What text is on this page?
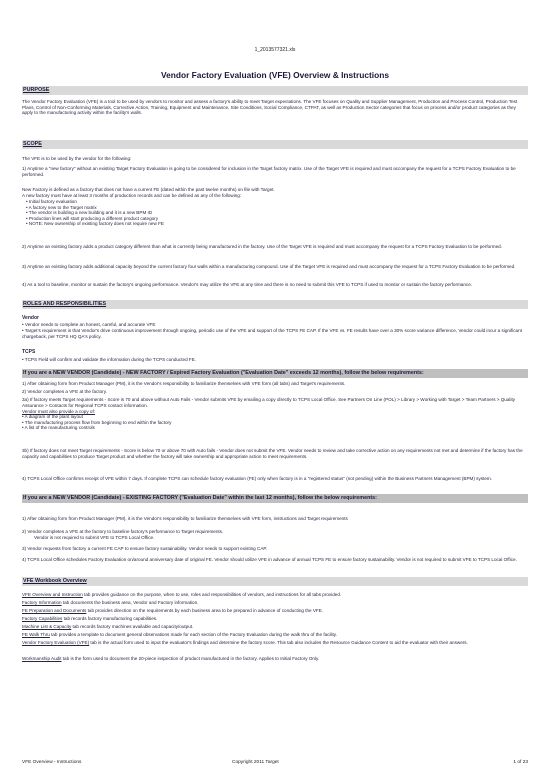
1_2013577321.xls
Vendor Factory Evaluation (VFE) Overview & Instructions
PURPOSE
The Vendor Factory Evaluation (VFE) is a tool to be used by vendors to monitor and assess a factory's ability to meet Target expectations. The VFE focuses on Quality and Supplier Management, Production and Process Control, Production Test Plans, Control of Non-Conforming Materials, Corrective Action, Training, Equipment and Maintenance, Site Conditions, Social Compliance, CTPAT, as well as Production Sector categories that focus on process and/or product categories as they apply to the manufacturing activity within the facility's walls.
SCOPE
The VFE is to be used by the vendor for the following:
1) Anytime a "new factory" without an existing Target Factory Evaluation is going to be considered for inclusion in the Target factory matrix. Use of the Target VFE is required and must accompany the request for a TCPS Factory Evaluation to be performed.
New Factory is defined as a factory that does not have a current FE (dated within the past twelve months) on file with Target.
A new factory must have at least 3 months of production records and can be defined as any of the following:
• Initial factory evaluation
• A factory new to the Target matrix
• The vendor is building a new building and it is a new BPM ID
• Production lines will start producing a different product category
• NOTE: New ownership of existing factory does not require new FE
2) Anytime an existing factory adds a product category different than what is currently being manufactured in the factory. Use of the Target VFE is required and must accompany the request for a TCPS Factory Evaluation to be performed.
3) Anytime an existing factory adds additional capacity beyond the current factory four walls within a manufacturing compound. Use of the Target VFE is required and must accompany the request for a TCPS Factory Evaluation to be performed.
4) As a tool to baseline, monitor or sustain the factory's ongoing performance. Vendor's may utilize the VFE at any time and there is no need to submit this VFE to TCPS if used to monitor or sustain the factory performance.
ROLES AND RESPONSIBILITIES
Vendor
• Vendor needs to complete an honest, careful, and accurate VFE
• Target's requirement is that Vendor's drive continuous improvement through ongoing, periodic use of the VFE and support of the TCPS FE CAP. If the VFE vs. FE results have over a 30% score variance difference, Vendor could incur a significant chargeback, per TCPS HQ QA's policy.
TCPS
• TCPS Field will confirm and validate the information during the TCPS conducted FE.
If you are a NEW VENDOR (Candidate) - NEW FACTORY / Expired Factory Evaluation ("Evaluation Date" exceeds 12 months), follow the below requirements:
1) After obtaining form from Product Manager (PM), it is the Vendor's responsibility to familiarize themselves with VFE form (all tabs) and Target's requirements.
2) Vendor completes a VFE at the factory.
3a) If factory meets Target requirements - Score is 70 and above without Auto Fails - Vendor submits VFE by emailing a copy directly to TCPS Local Office. See Partners On Line (POL) > Library > Working with Target > Team Partners > Quality Assurance > Contacts for Regional TCPS contact information.
Vendor must also provide a copy of:
• A diagram of the plant layout
• The manufacturing process flow from beginning to end within the factory
• A list of the manufacturing controls
3b) If factory does not meet Target requirements - Score is below 70 or above 70 with Auto fails - Vendor does not submit the VFE. Vendor needs to review and take corrective action on any requirements not met and determine if the factory has the capacity and capabilities to produce Target product and whether the factory will take ownership and appropriate action to meet requirements.
4) TCPS Local Office confirms receipt of VFE within 7 days. If complete TCPS can schedule factory evaluation (FE) only when factory is in a "registered status" (not pending) within the Business Partners Management (BPM) system.
If you are a NEW VENDOR (Candidate) - EXISTING FACTORY ("Evaluation Date" within the last 12 months), follow the below requirements:
1) After obtaining form from Product Manager (PM), it is the Vendor's responsibility to familiarize themselves with VFE form, instructions and Target requirements
2) Vendor completes a VFE at the factory to baseline factory's performance to Target requirements.
Vendor is not required to submit VFE to TCPS Local Office.
3) Vendor requests from factory a current FE CAP to ensure factory sustainability. Vendor needs to support existing CAP.
4) TCPS Local Office schedules Factory Evaluation on/around anniversary date of original FE. Vendor should utilize VFE in advance of annual TCPS FE to ensure factory sustainability. Vendor is not required to submit VFE to TCPS Local Office.
VFE Workbook Overview
VFE Overview and Instruction tab provides guidance on the purpose, when to use, roles and responsibilities of vendors, and instructions for all tabs provided.
Factory Information tab documents the business area, Vendor and Factory information.
FE Preparation and Documents tab provides direction on the requirements by each business area to be prepared in advance of conducting the VFE.
Factory Capabilities tab records factory manufacturing capabilities.
Machine List & Capacity tab records factory machines available and capacity/output.
FE Walk Thru tab provides a template to document general observations made for each section of the Factory Evaluation during the walk thru of the facility.
Vendor Factory Evaluation (VFE) tab is the actual form used to input the evaluator's findings and determine the factory score. This tab also includes the Resource Guidance Content to aid the evaluator with their answers.
Workmanship Audit tab is the form used to document the 20-piece inspection of product manufactured in the factory. Applies to Initial Factory Only.
VFE Overview - Instructions	Copyright 2011 Target	1 of 23
